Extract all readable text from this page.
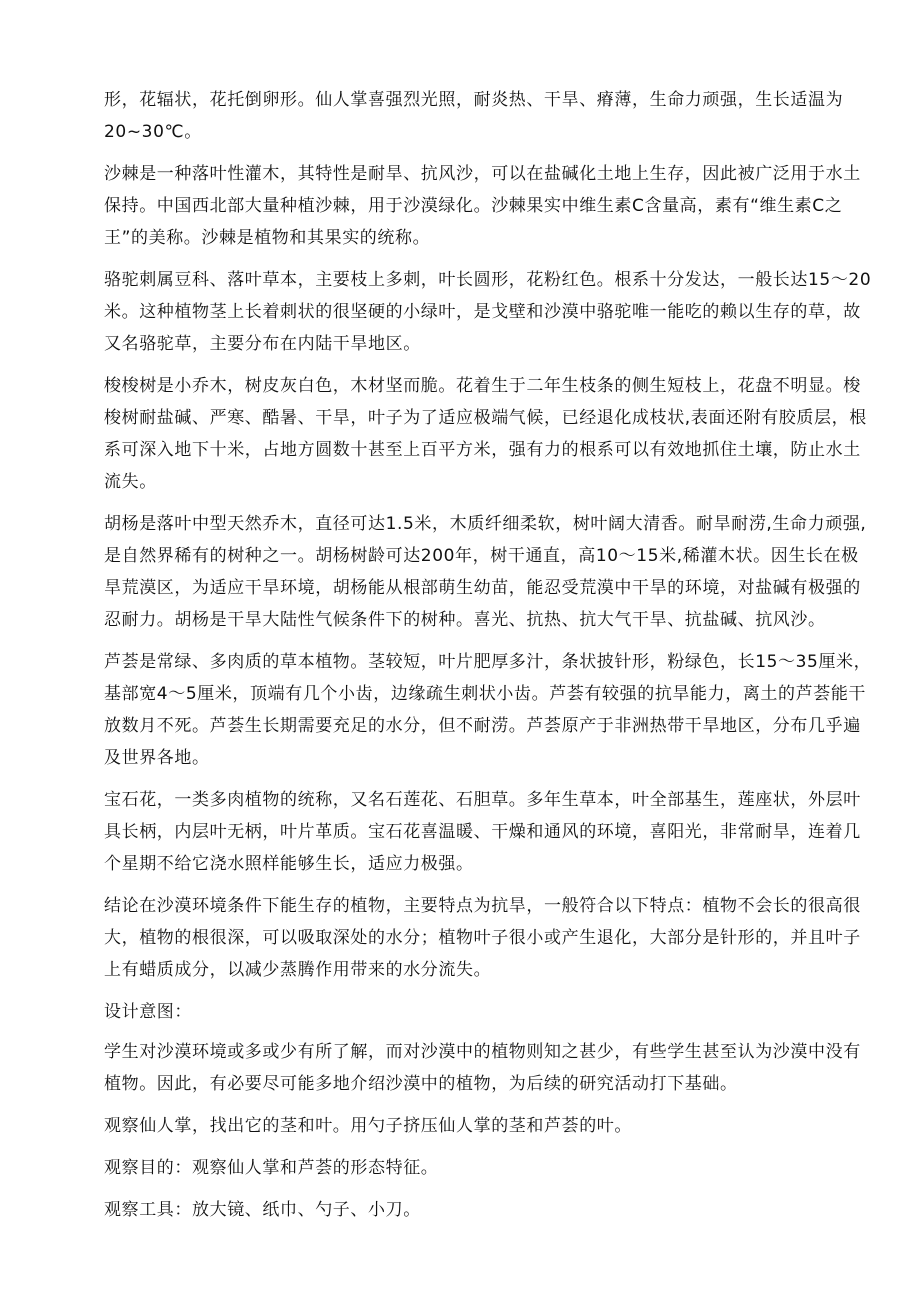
形，花辐状，花托倒卵形。仙人掌喜强烈光照，耐炎热、干旱、瘠薄，生命力顽强，生长适温为
20~30℃。

沙棘是一种落叶性灌木，其特性是耐旱、抗风沙，可以在盐碱化土地上生存，因此被广泛用于水土
保持。中国西北部大量种植沙棘，用于沙漠绿化。沙棘果实中维生素C含量高，素有“维生素C之
王”的美称。沙棘是植物和其果实的统称。

骆驼刺属豆科、落叶草本，主要枝上多刺，叶长圆形，花粉红色。根系十分发达，一般长达15～20
米。这种植物茎上长着刺状的很坚硬的小绿叶，是戈壁和沙漠中骆驼唯一能吃的赖以生存的草，故
又名骆驼草，主要分布在内陆干旱地区。

梭梭树是小乔木，树皮灰白色，木材坚而脆。花着生于二年生枝条的侧生短枝上，花盘不明显。梭
梭树耐盐碱、严寒、酷暑、干旱，叶子为了适应极端气候，已经退化成枝状,表面还附有胶质层，根
系可深入地下十米，占地方圆数十甚至上百平方米，强有力的根系可以有效地抓住土壤，防止水土
流失。

胡杨是落叶中型天然乔木，直径可达1.5米，木质纤细柔软，树叶阔大清香。耐旱耐涝,生命力顽强,
是自然界稀有的树种之一。胡杨树龄可达200年，树干通直，高10～15米,稀灌木状。因生长在极
旱荒漠区，为适应干旱环境，胡杨能从根部萌生幼苗，能忍受荒漠中干旱的环境，对盐碱有极强的
忍耐力。胡杨是干旱大陆性气候条件下的树种。喜光、抗热、抗大气干旱、抗盐碱、抗风沙。

芦荟是常绿、多肉质的草本植物。茎较短，叶片肥厚多汁，条状披针形，粉绿色，长15～35厘米，
基部宽4～5厘米，顶端有几个小齿，边缘疏生刺状小齿。芦荟有较强的抗旱能力，离土的芦荟能干
放数月不死。芦荟生长期需要充足的水分，但不耐涝。芦荟原产于非洲热带干旱地区，分布几乎遍
及世界各地。

宝石花，一类多肉植物的统称，又名石莲花、石胆草。多年生草本，叶全部基生，莲座状，外层叶
具长柄，内层叶无柄，叶片革质。宝石花喜温暖、干燥和通风的环境，喜阳光，非常耐旱，连着几
个星期不给它浇水照样能够生长，适应力极强。

结论在沙漠环境条件下能生存的植物，主要特点为抗旱，一般符合以下特点：植物不会长的很高很
大，植物的根很深，可以吸取深处的水分；植物叶子很小或产生退化，大部分是针形的，并且叶子
上有蜡质成分，以减少蒸腾作用带来的水分流失。

设计意图：

学生对沙漠环境或多或少有所了解，而对沙漠中的植物则知之甚少，有些学生甚至认为沙漠中没有
植物。因此，有必要尽可能多地介绍沙漠中的植物，为后续的研究活动打下基础。

观察仙人掌，找出它的茎和叶。用勺子挤压仙人掌的茎和芦荟的叶。

观察目的：观察仙人掌和芦荟的形态特征。

观察工具：放大镜、纸巾、勺子、小刀。
